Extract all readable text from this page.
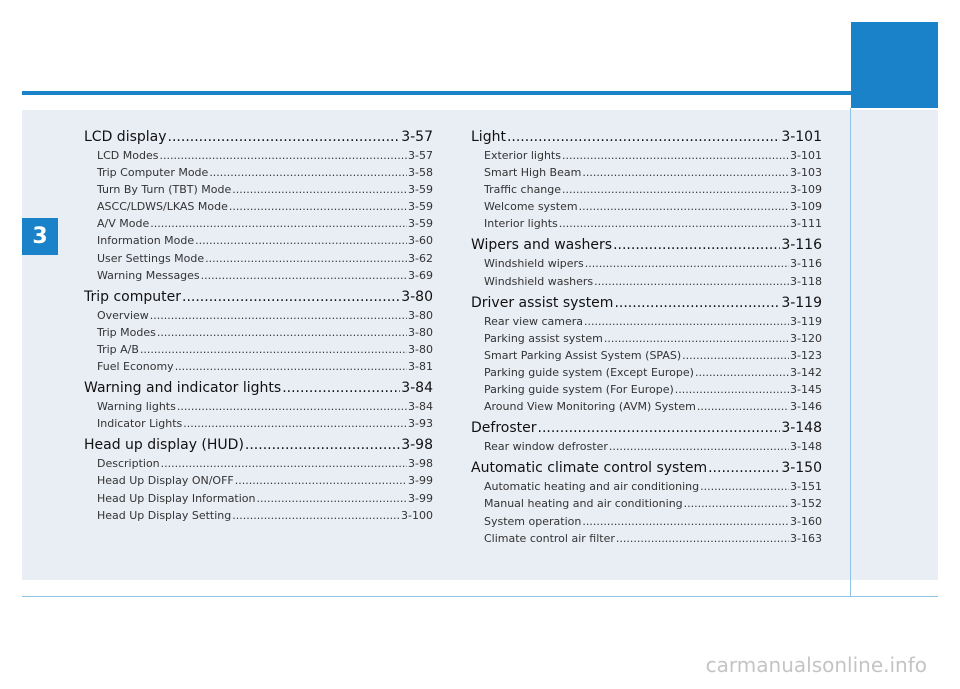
3
LCD display .....	3-57
LCD Modes .....	3-57
Trip Computer Mode .....	3-58
Turn By Turn (TBT) Mode .....	3-59
ASCC/LDWS/LKAS Mode .....	3-59
A/V Mode .....	3-59
Information Mode .....	3-60
User Settings Mode .....	3-62
Warning Messages .....	3-69
Trip computer .....	3-80
Overview .....	3-80
Trip Modes .....	3-80
Trip A/B .....	3-80
Fuel Economy .....	3-81
Warning and indicator lights .....	3-84
Warning lights .....	3-84
Indicator Lights .....	3-93
Head up display (HUD) .....	3-98
Description .....	3-98
Head Up Display ON/OFF .....	3-99
Head Up Display Information .....	3-99
Head Up Display Setting .....	3-100
Light .....	3-101
Exterior lights .....	3-101
Smart High Beam .....	3-103
Traffic change .....	3-109
Welcome system .....	3-109
Interior lights .....	3-111
Wipers and washers .....	3-116
Windshield wipers .....	3-116
Windshield washers .....	3-118
Driver assist system .....	3-119
Rear view camera .....	3-119
Parking assist system .....	3-120
Smart Parking Assist System (SPAS) .....	3-123
Parking guide system (Except Europe) .....	3-142
Parking guide system (For Europe) .....	3-145
Around View Monitoring (AVM) System .....	3-146
Defroster .....	3-148
Rear window defroster .....	3-148
Automatic climate control system .....	3-150
Automatic heating and air conditioning .....	3-151
Manual heating and air conditioning .....	3-152
System operation .....	3-160
Climate control air filter .....	3-163
carmanualsonline.info
